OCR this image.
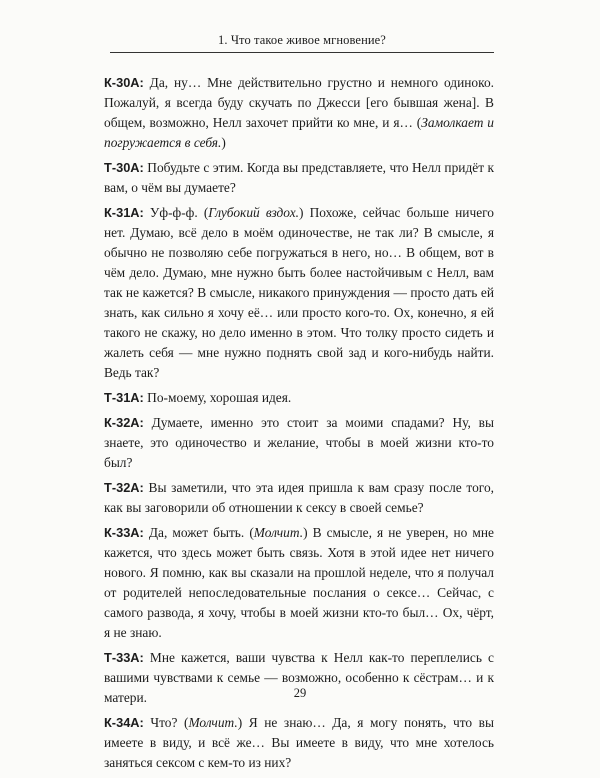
1. Что такое живое мгновение?

К-30А: Да, ну… Мне действительно грустно и немного одиноко. Пожалуй, я всегда буду скучать по Джесси [его бывшая жена]. В общем, возможно, Нелл захочет прийти ко мне, и я… (Замолкает и погружается в себя.)

Т-30А: Побудьте с этим. Когда вы представляете, что Нелл придёт к вам, о чём вы думаете?

К-31А: Уф-ф-ф. (Глубокий вздох.) Похоже, сейчас больше ничего нет. Думаю, всё дело в моём одиночестве, не так ли? В смысле, я обычно не позволяю себе погружаться в него, но… В общем, вот в чём дело. Думаю, мне нужно быть более настойчивым с Нелл, вам так не кажется? В смысле, никакого принуждения — просто дать ей знать, как сильно я хочу её… или просто кого-то. Ох, конечно, я ей такого не скажу, но дело именно в этом. Что толку просто сидеть и жалеть себя — мне нужно поднять свой зад и кого-нибудь найти. Ведь так?

Т-31А: По-моему, хорошая идея.

К-32А: Думаете, именно это стоит за моими спадами? Ну, вы знаете, это одиночество и желание, чтобы в моей жизни кто-то был?

Т-32А: Вы заметили, что эта идея пришла к вам сразу после того, как вы заговорили об отношении к сексу в своей семье?

К-33А: Да, может быть. (Молчит.) В смысле, я не уверен, но мне кажется, что здесь может быть связь. Хотя в этой идее нет ничего нового. Я помню, как вы сказали на прошлой неделе, что я получал от родителей непоследовательные послания о сексе… Сейчас, с самого развода, я хочу, чтобы в моей жизни кто-то был… Ох, чёрт, я не знаю.

Т-33А: Мне кажется, ваши чувства к Нелл как-то переплелись с вашими чувствами к семье — возможно, особенно к сёстрам… и к матери.

К-34А: Что? (Молчит.) Я не знаю… Да, я могу понять, что вы имеете в виду, и всё же… Вы имеете в виду, что мне хотелось заняться сексом с кем-то из них?

29
